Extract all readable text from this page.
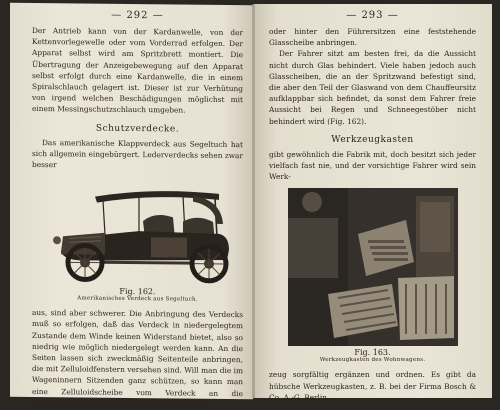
— 292 —

Der Antrieb kann von der Kardanwelle, von der Kettenvorlegewelle oder vom Vorderrad erfolgen. Der Apparat selbst wird am Spritzbrett montiert. Die Übertragung der Anzeigebewegung auf den Apparat selbst erfolgt durch eine Kardanwelle, die in einem Spiralschlauch gelagert ist. Dieser ist zur Verhütung von irgend welchen Beschädigungen möglichst mit einem Messingschutzschlauch umgeben.

Schutzverdecke.

Das amerikanische Klappverdeck aus Segeltuch hat sich allgemein eingebürgert. Lederverdecks sehen zwar besser

Fig. 162.
Amerikanisches Verdeck aus Segeltuch.

aus, sind aber schwerer. Die Anbringung des Verdecks muß so erfolgen, daß das Verdeck in niedergelegtem Zustande dem Winde keinen Widerstand bietet, also so niedrig wie möglich niedergelegt werden kann. An die Seiten lassen sich zweckmäßig Seitenteile anbringen, die mit Zelluloidfenstern versehen sind. Will man die im Wageninnern Sitzenden ganz schützen, so kann man eine Zelluloidscheibe vom Verdeck an die Rückenlehnen der beiden Vordersitze knüpfen

— 293 —

oder hinter den Führersitzen eine feststehende Glasscheibe anbringen.

Der Fahrer sitzt am besten frei, da die Aussicht nicht durch Glas behindert. Viele haben jedoch auch Glasscheiben, die an der Spritzwand befestigt sind, die aber den Teil der Glaswand von dem Chauffeursitz aufklappbar sich befindet, da sonst dem Fahrer freie Aussicht bei Regen und Schneegestöber nicht behindert wird (Fig. 162).

Werkzeugkasten

gibt gewöhnlich die Fabrik mit, doch besitzt sich jeder vielfach fast nie, und der vorsichtige Fahrer wird sein Werk-

Fig. 163.
Werkzeugkasten des Wohnwagens.

zeug sorgfältig ergänzen und ordnen. Es gibt da hübsche Werkzeugkasten, z. B. bei der Firma Bosch & Co. A.-G. Berlin
